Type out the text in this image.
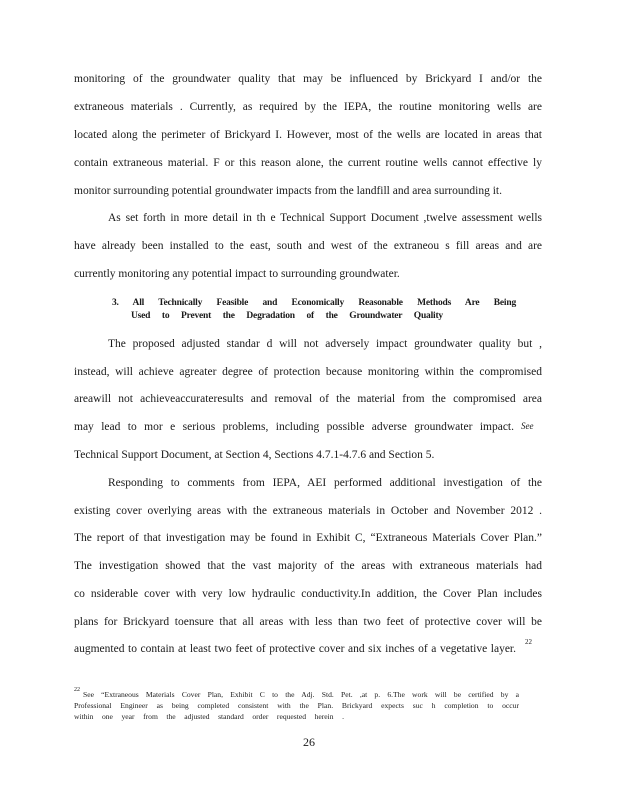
monitoring of the groundwater quality that may be influenced by Brickyard I and/or the
extraneous materials . Currently, as required by the IEPA, the routine monitoring wells are
located along the perimeter of Brickyard I. However, most of the wells are located in areas that
contain extraneous material. F or this reason alone, the current routine wells cannot effective ly
monitor surrounding potential groundwater impacts from the landfill and area surrounding it.
As set forth in more detail in th e Technical Support Document ,twelve assessment wells
have already been installed to the east, south and west of the extraneou s fill areas and are
currently monitoring any potential impact to surrounding groundwater.
3. All Technically Feasible and Economically Reasonable Methods Are Being
Used to Prevent the Degradation of the Groundwater Quality
The proposed adjusted standar d will not adversely impact groundwater quality but ,
instead, will achieve agreater degree of protection because monitoring within the compromised
areawill not achieveaccurateresults and removal of the material from the compromised area
may lead to mor e serious problems, including possible adverse groundwater impact. See
Technical Support Document, at Section 4, Sections 4.7.1-4.7.6 and Section 5.
Responding to comments from IEPA, AEI performed additional investigation of the
existing cover overlying areas with the extraneous materials in October and November 2012 .
The report of that investigation may be found in Exhibit C, “Extraneous Materials Cover Plan.”
The investigation showed that the vast majority of the areas with extraneous materials had
co nsiderable cover with very low hydraulic conductivity.In addition, the Cover Plan includes
plans for Brickyard toensure that all areas with less than two feet of protective cover will be
augmented to contain at least two feet of protective cover and six inches of a vegetative layer.
22
22 See “Extraneous Materials Cover Plan, Exhibit C to the Adj. Std. Pet. ,at p. 6.The work will be certified by a
Professional Engineer as being completed consistent with the Plan. Brickyard expects suc h completion to occur
within one year from the adjusted standard order requested herein .
26
